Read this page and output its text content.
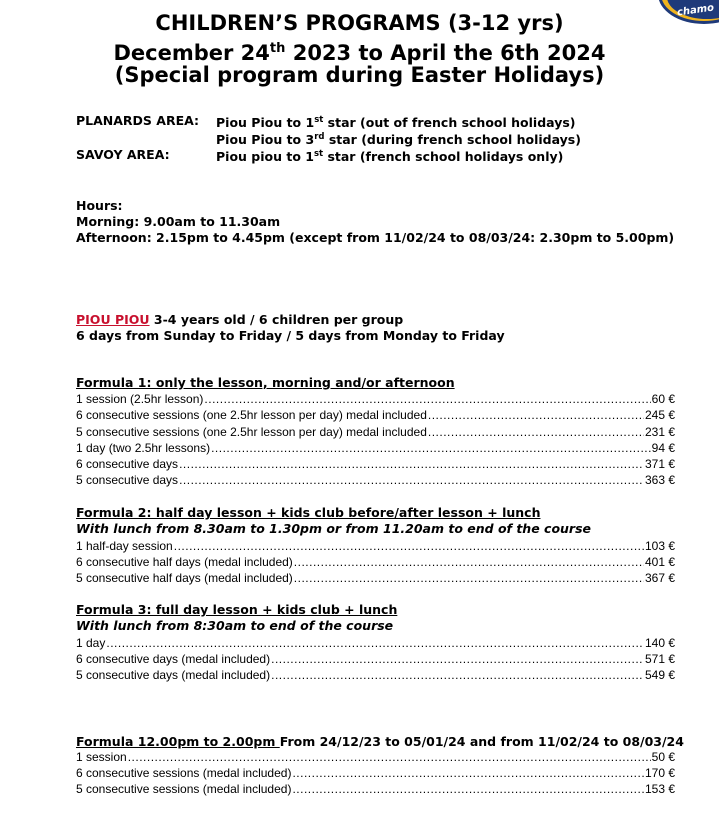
chamo
CHILDREN’S PROGRAMS (3-12 yrs)
December 24th 2023 to April the 6th 2024
(Special program during Easter Holidays)
PLANARDS AREA: Piou Piou to 1st star (out of french school holidays)
Piou Piou to 3rd star (during french school holidays)
SAVOY AREA:	Piou piou to 1st star (french school holidays only)
Hours:
Morning: 9.00am to 11.30am
Afternoon: 2.15pm to 4.45pm (except from 11/02/24 to 08/03/24: 2.30pm to 5.00pm)
PIOU PIOU 3-4 years old / 6 children per group
6 days from Sunday to Friday / 5 days from Monday to Friday
Formula 1: only the lesson, morning and/or afternoon
1 session (2.5hr lesson) .....	60 €
6 consecutive sessions (one 2.5hr lesson per day) medal included .....	245 €
5 consecutive sessions (one 2.5hr lesson per day) medal included .....	231 €
1 day (two 2.5hr lessons) .....	94 €
6 consecutive days .....	371 €
5 consecutive days .....	363 €
Formula 2: half day lesson + kids club before/after lesson + lunch
With lunch from 8.30am to 1.30pm or from 11.20am to end of the course
1 half-day session .....	103 €
6 consecutive half days (medal included) .....	401 €
5 consecutive half days (medal included) .....	367 €
Formula 3: full day lesson + kids club + lunch
With lunch from 8:30am to end of the course
1 day .....	140 €
6 consecutive days (medal included) .....	571 €
5 consecutive days (medal included) .....	549 €
Formula 12.00pm to 2.00pm From 24/12/23 to 05/01/24 and from 11/02/24 to 08/03/24
1 session .....	50 €
6 consecutive sessions (medal included) .....	170 €
5 consecutive sessions (medal included) .....	153 €
